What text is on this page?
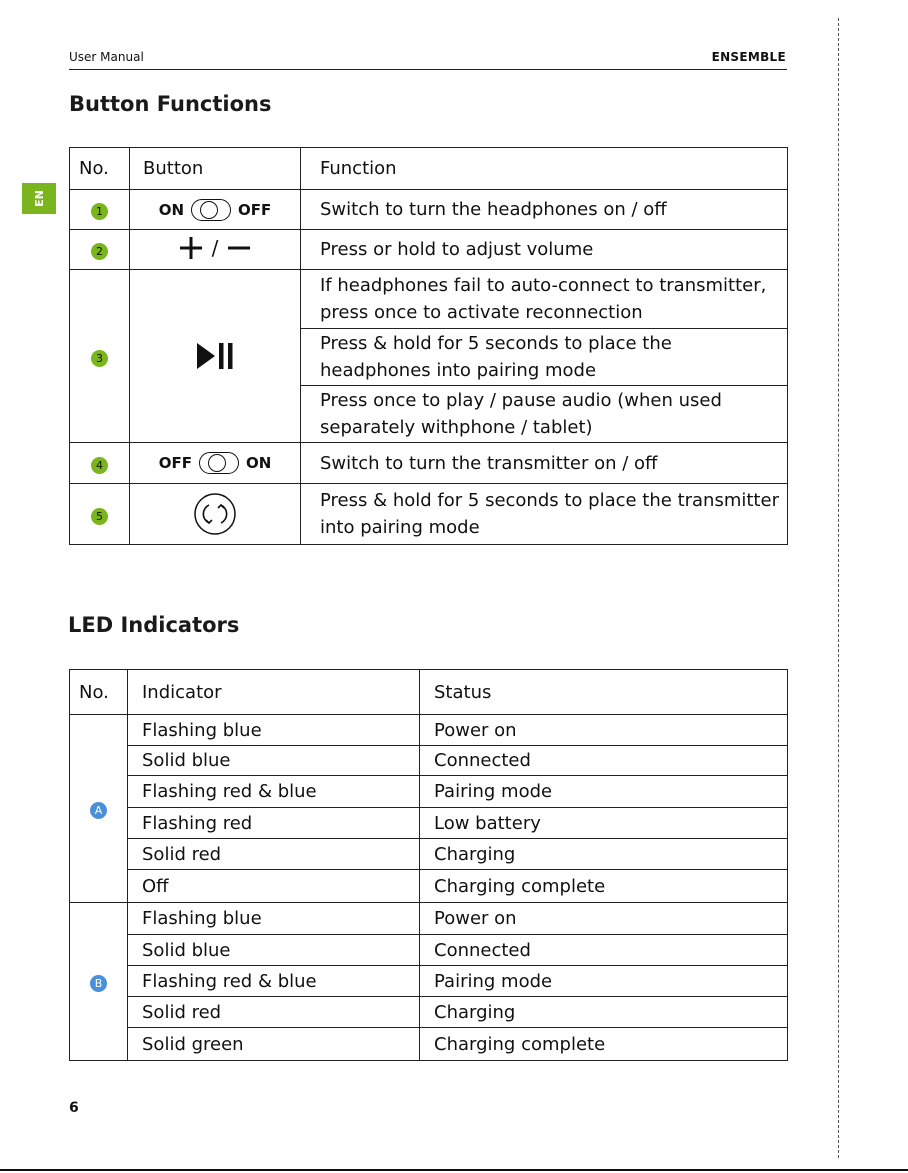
User Manual	ENSEMBLE
EN
Button Functions
No.	Button	Function
1	ON OFF	Switch to turn the headphones on / off
2	/	Press or hold to adjust volume
3		If headphones fail to auto-connect to transmitter, press once to activate reconnection
		Press & hold for 5 seconds to place the headphones into pairing mode
		Press once to play / pause audio (when used separately withphone / tablet)
4	OFF ON	Switch to turn the transmitter on / off
5		Press & hold for 5 seconds to place the transmitter into pairing mode
LED Indicators
No.	Indicator	Status
A	Flashing blue	Power on
	Solid blue	Connected
	Flashing red & blue	Pairing mode
	Flashing red	Low battery
	Solid red	Charging
	Off	Charging complete
B	Flashing blue	Power on
	Solid blue	Connected
	Flashing red & blue	Pairing mode
	Solid red	Charging
	Solid green	Charging complete
6
